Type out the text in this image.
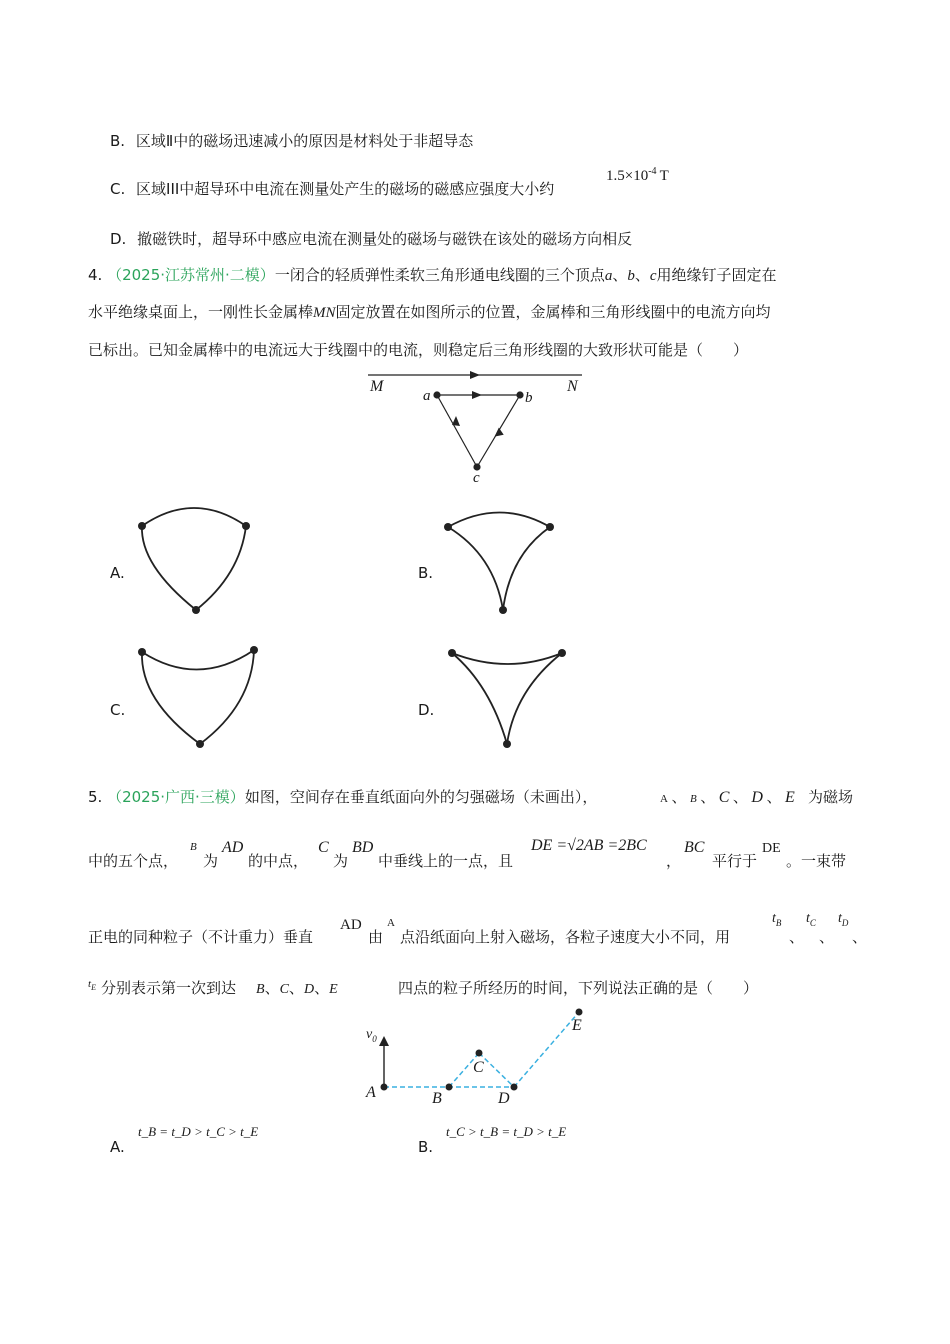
B. 区域Ⅱ中的磁场迅速减小的原因是材料处于非超导态
C. 区域III中超导环中电流在测量处产生的磁场的磁感应强度大小约
$1.5\times 10^{-4}$ T
D. 撤磁铁时，超导环中感应电流在测量处的磁场与磁铁在该处的磁场方向相反
4. （2025·江苏常州·二模）一闭合的轻质弹性柔软三角形通电线圈的三个顶点a、b、c用绝缘钉子固定在
水平绝缘桌面上，一刚性长金属棒MN固定放置在如图所示的位置，金属棒和三角形线圈中的电流方向均
已标出。已知金属棒中的电流远大于线圈中的电流，则稳定后三角形线圈的大致形状可能是（　　）
M	N
a	b
c
A.	B.
C.	D.
5. （2025·广西·三模）如图，空间存在垂直纸面向外的匀强磁场（未画出），	A 、 B 、 C 、 D 、 E 为磁场
中的五个点，
B
为
AD
的中点，
C
为
BD
中垂线上的一点，且
DE =√2AB =2BC
，
BC
平行于
DE
。一束带
正电的同种粒子（不计重力）垂直
AD
由
A
点沿纸面向上射入磁场，各粒子速度大小不同，用
$t_B$
、
$t_C$
、
$t_D$
、
$t_E$ 分别表示第一次到达 B、C、D、E	四点的粒子所经历的时间，下列说法正确的是（　　）
$v_0$
A	B
C
D
E
A.
t_B = t_D > t_C > t_E
B.
t_C > t_B = t_D > t_E
